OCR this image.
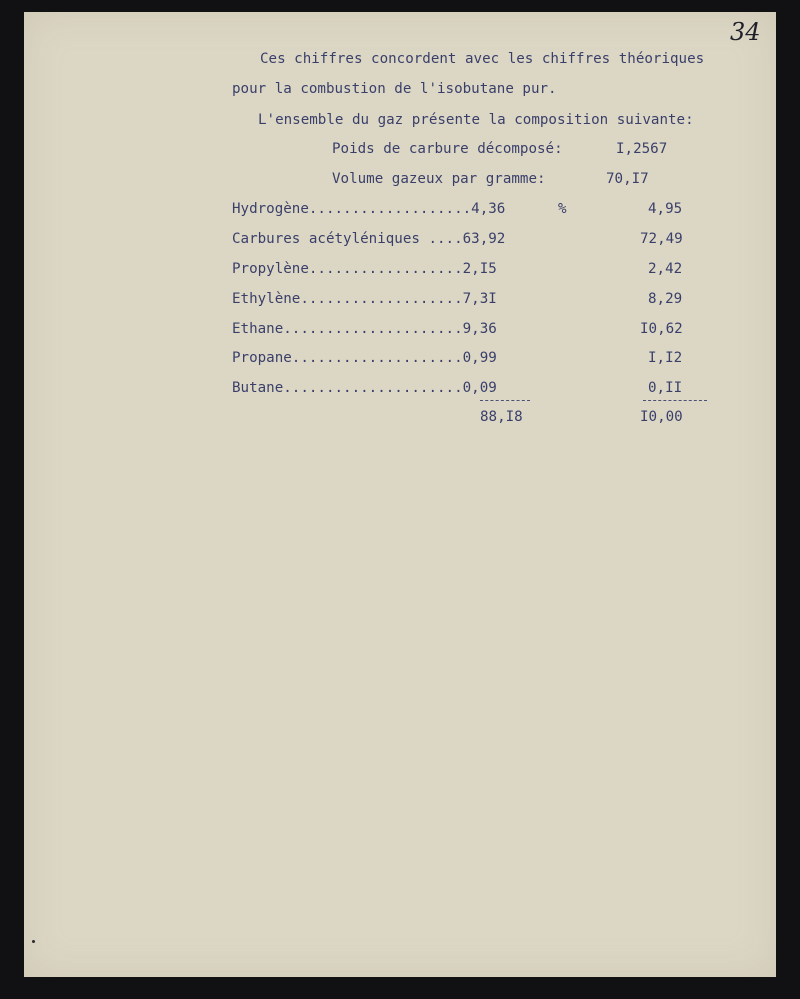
34
Ces chiffres concordent avec les chiffres théoriques
pour la combustion de l'isobutane pur.
L'ensemble du gaz présente la composition suivante:
Poids de carbure décomposé:	I,2567
Volume gazeux par gramme:	70,I7
Hydrogène...................4,36	%	4,95
Carbures acétyléniques ....63,92	72,49
Propylène..................2,I5	2,42
Ethylène...................7,3I	8,29
Ethane.....................9,36	I0,62
Propane....................0,99	I,I2
Butane.....................0,09	0,II
88,I8	I0,00
